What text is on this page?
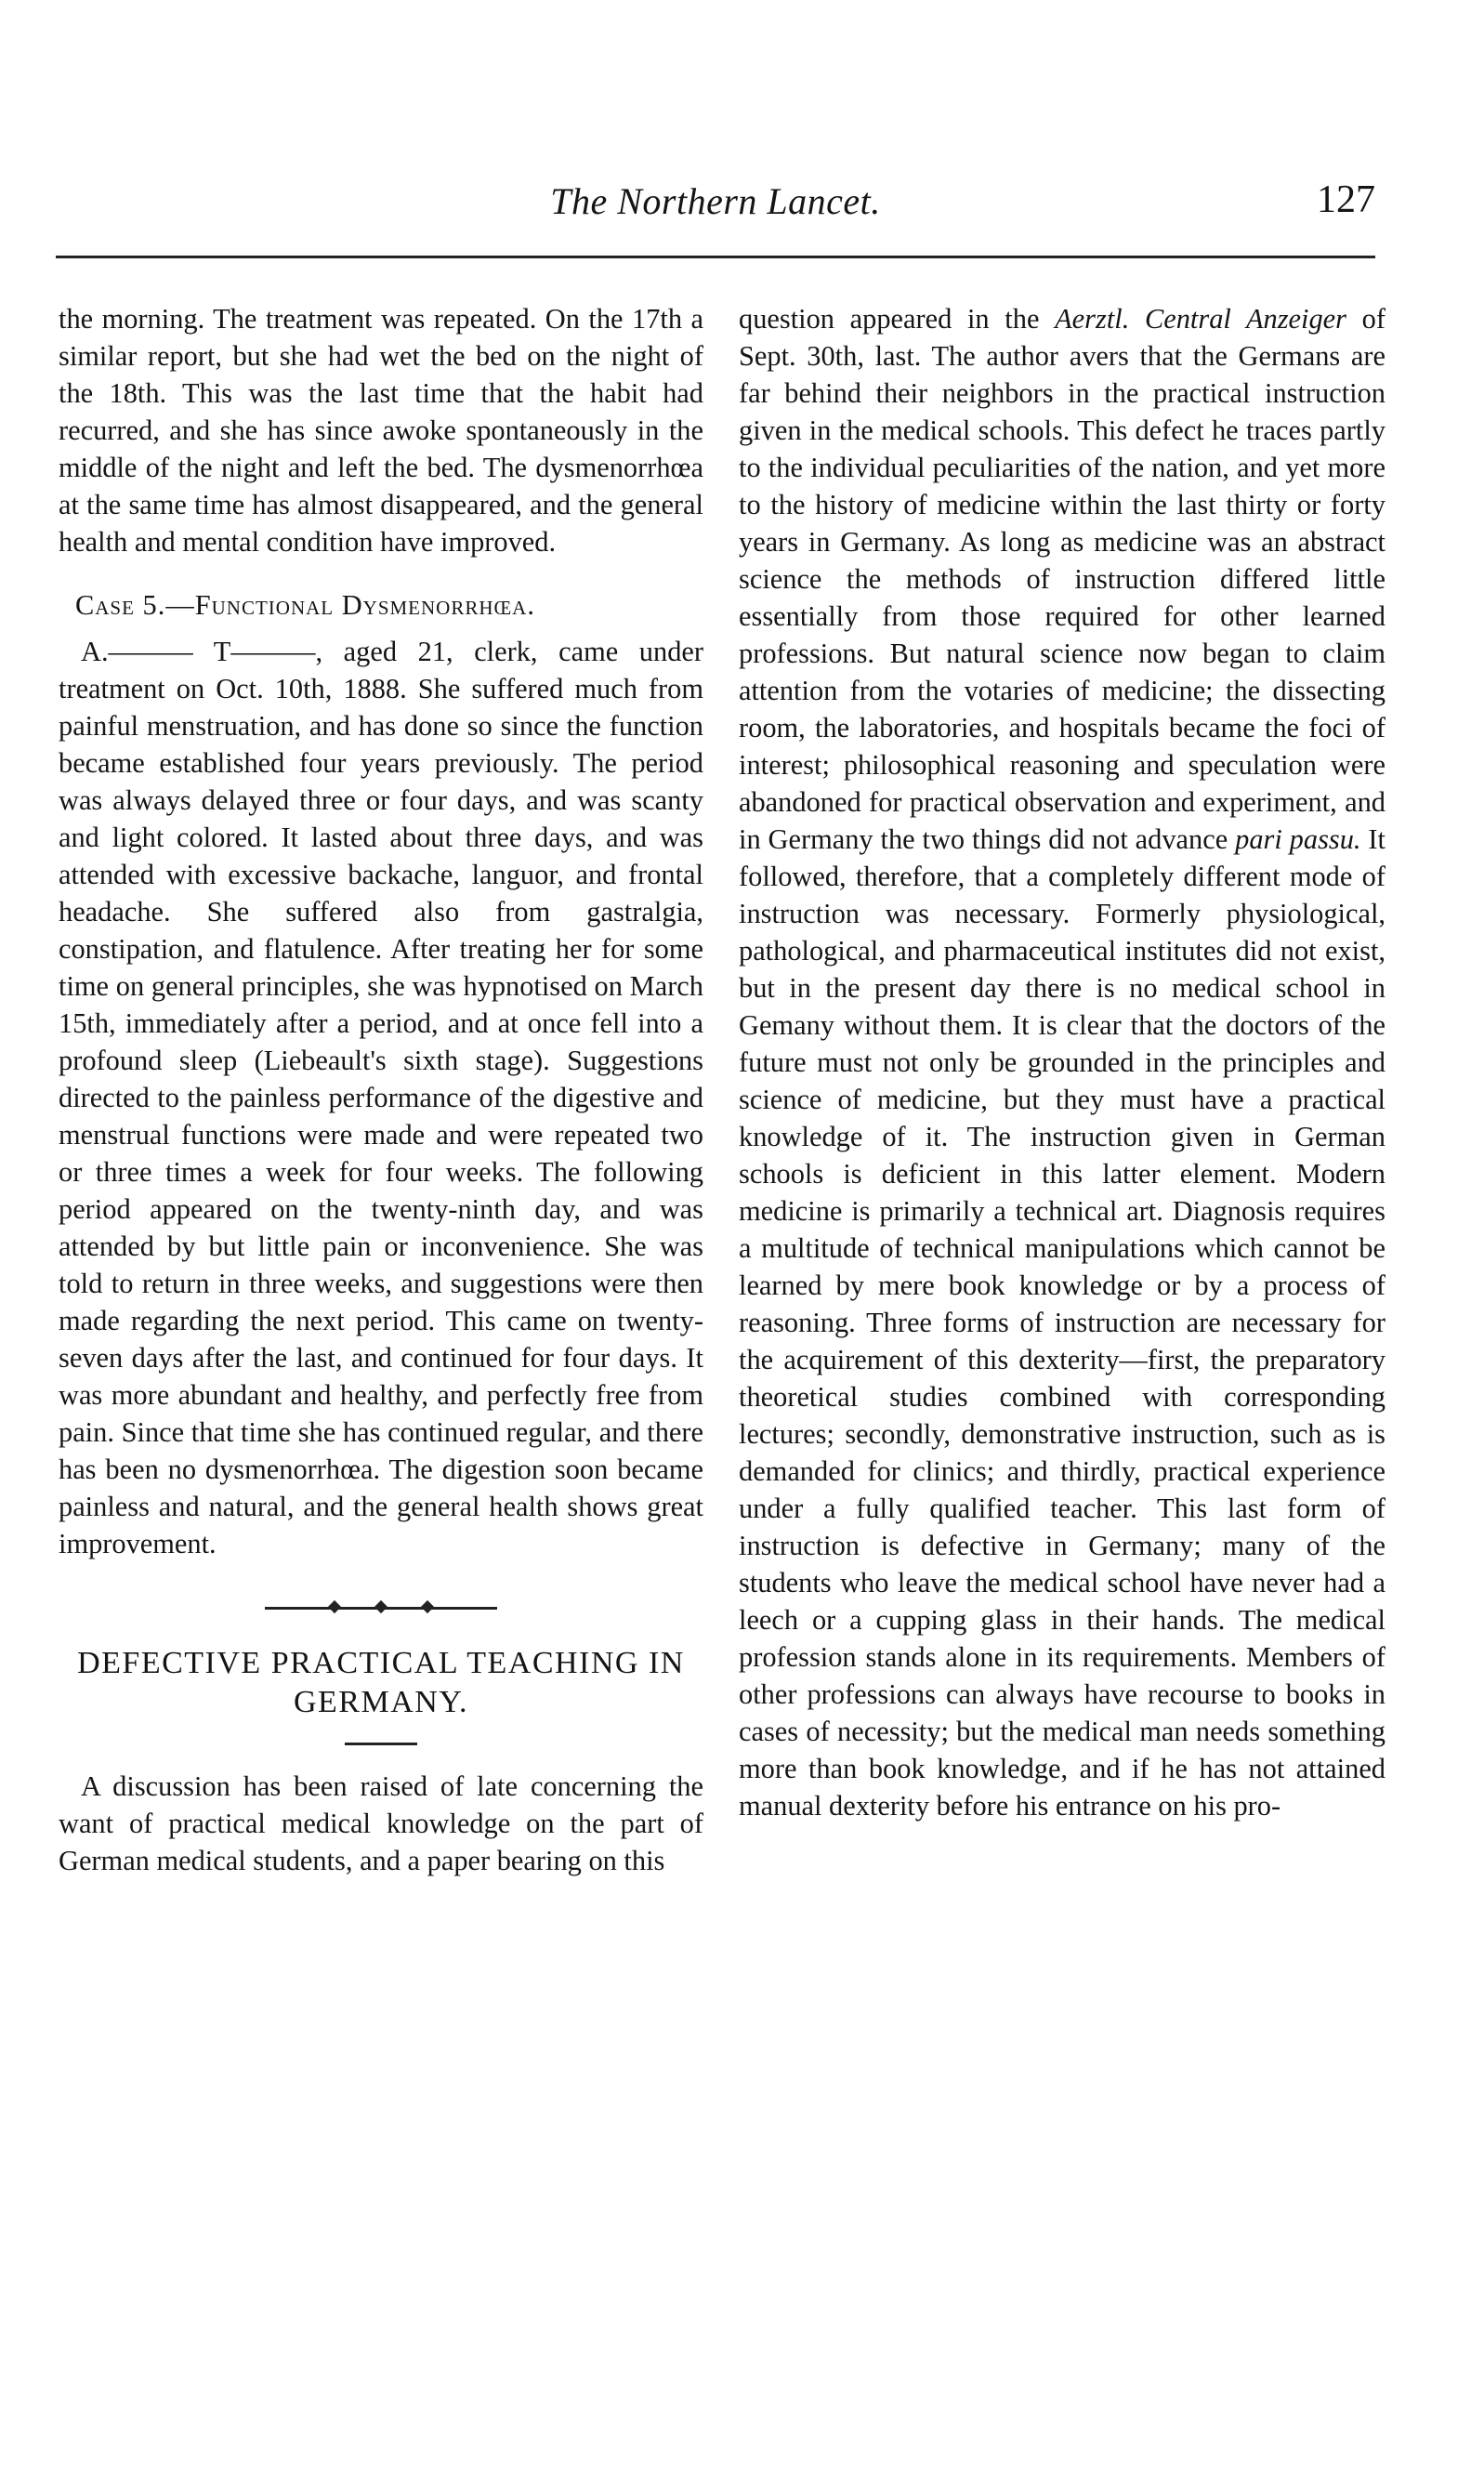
The Northern Lancet.	127

the morning. The treatment was repeated. On the 17th a similar report, but she had wet the bed on the night of the 18th. This was the last time that the habit had recurred, and she has since awoke spontaneously in the middle of the night and left the bed. The dysmenorrhœa at the same time has almost disappeared, and the general health and mental condition have improved.

Case 5.—Functional Dysmenorrhœa.

A.——— T———, aged 21, clerk, came under treatment on Oct. 10th, 1888. She suffered much from painful menstruation, and has done so since the function became established four years previously. The period was always delayed three or four days, and was scanty and light colored. It lasted about three days, and was attended with excessive backache, languor, and frontal headache. She suffered also from gastralgia, constipation, and flatulence. After treating her for some time on general principles, she was hypnotised on March 15th, immediately after a period, and at once fell into a profound sleep (Liebeault's sixth stage). Suggestions directed to the painless performance of the digestive and menstrual functions were made and were repeated two or three times a week for four weeks. The following period appeared on the twenty-ninth day, and was attended by but little pain or inconvenience. She was told to return in three weeks, and suggestions were then made regarding the next period. This came on twenty-seven days after the last, and continued for four days. It was more abundant and healthy, and perfectly free from pain. Since that time she has continued regular, and there has been no dysmenorrhœa. The digestion soon became painless and natural, and the general health shows great improvement.

DEFECTIVE PRACTICAL TEACHING IN GERMANY.

A discussion has been raised of late concerning the want of practical medical knowledge on the part of German medical students, and a paper bearing on this

question appeared in the Aerztl. Central Anzeiger of Sept. 30th, last. The author avers that the Germans are far behind their neighbors in the practical instruction given in the medical schools. This defect he traces partly to the individual peculiarities of the nation, and yet more to the history of medicine within the last thirty or forty years in Germany. As long as medicine was an abstract science the methods of instruction differed little essentially from those required for other learned professions. But natural science now began to claim attention from the votaries of medicine; the dissecting room, the laboratories, and hospitals became the foci of interest; philosophical reasoning and speculation were abandoned for practical observation and experiment, and in Germany the two things did not advance pari passu. It followed, therefore, that a completely different mode of instruction was necessary. Formerly physiological, pathological, and pharmaceutical institutes did not exist, but in the present day there is no medical school in Gemany without them. It is clear that the doctors of the future must not only be grounded in the principles and science of medicine, but they must have a practical knowledge of it. The instruction given in German schools is deficient in this latter element. Modern medicine is primarily a technical art. Diagnosis requires a multitude of technical manipulations which cannot be learned by mere book knowledge or by a process of reasoning. Three forms of instruction are necessary for the acquirement of this dexterity—first, the preparatory theoretical studies combined with corresponding lectures; secondly, demonstrative instruction, such as is demanded for clinics; and thirdly, practical experience under a fully qualified teacher. This last form of instruction is defective in Germany; many of the students who leave the medical school have never had a leech or a cupping glass in their hands. The medical profession stands alone in its requirements. Members of other professions can always have recourse to books in cases of necessity; but the medical man needs something more than book knowledge, and if he has not attained manual dexterity before his entrance on his pro-
